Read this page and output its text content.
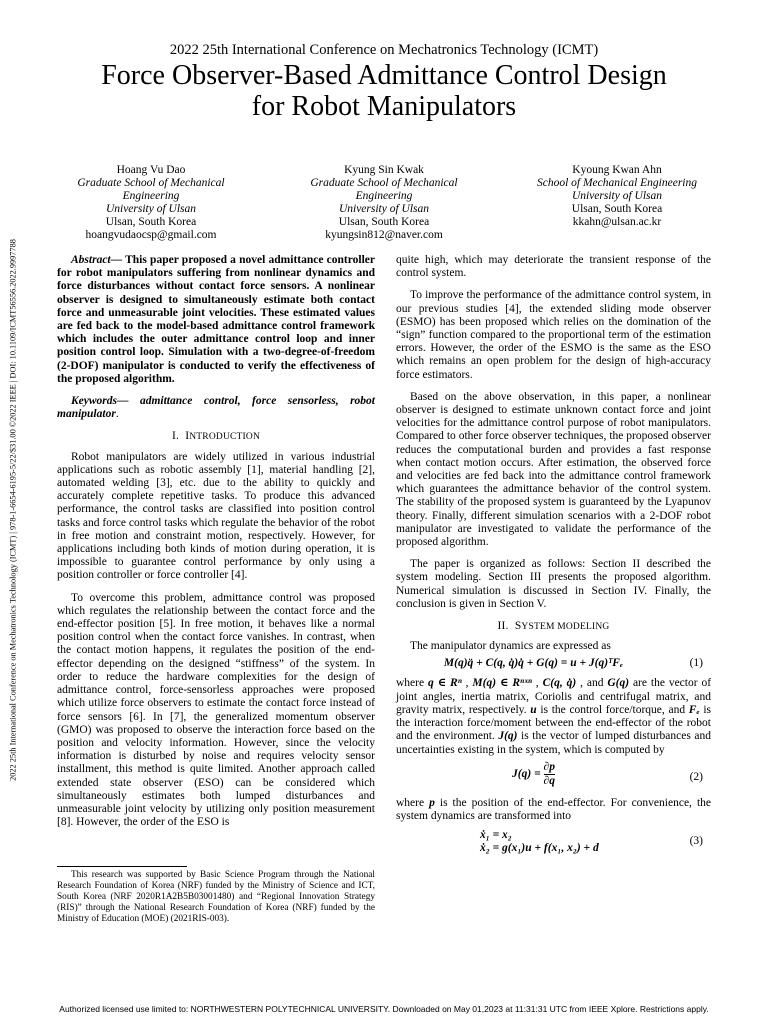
2022 25th International Conference on Mechatronics Technology (ICMT)
Force Observer-Based Admittance Control Design
for Robot Manipulators
Hoang Vu Dao
Graduate School of Mechanical
Engineering
University of Ulsan
Ulsan, South Korea
hoangvudaocsp@gmail.com
Kyung Sin Kwak
Graduate School of Mechanical
Engineering
University of Ulsan
Ulsan, South Korea
kyungsin812@naver.com
Kyoung Kwan Ahn
School of Mechanical Engineering
University of Ulsan
Ulsan, South Korea
kkahn@ulsan.ac.kr
2022 25th International Conference on Mechatronics Technology (ICMT) | 978-1-6654-6195-5/22/$31.00 ©2022 IEEE | DOI: 10.1109/ICMT56556.2022.9997788	Abstract— This paper proposed a novel admittance controller for robot manipulators suffering from nonlinear dynamics and force disturbances without contact force sensors. A nonlinear observer is designed to simultaneously estimate both contact force and unmeasurable joint velocities. These estimated values are fed back to the model-based admittance control framework which includes the outer admittance control loop and inner position control loop. Simulation with a two-degree-of-freedom (2-DOF) manipulator is conducted to verify the effectiveness of the proposed algorithm.

Keywords— admittance control, force sensorless, robot manipulator.

I. INTRODUCTION

Robot manipulators are widely utilized in various industrial applications such as robotic assembly [1], material handling [2], automated welding [3], etc. due to the ability to quickly and accurately complete repetitive tasks. To produce this advanced performance, the control tasks are classified into position control tasks and force control tasks which regulate the behavior of the robot in free motion and constraint motion, respectively. However, for applications including both kinds of motion during operation, it is impossible to guarantee control performance by only using a position controller or force controller [4].

To overcome this problem, admittance control was proposed which regulates the relationship between the contact force and the end-effector position [5]. In free motion, it behaves like a normal position control when the contact force vanishes. In contrast, when the contact motion happens, it regulates the position of the end-effector depending on the designed “stiffness” of the system. In order to reduce the hardware complexities for the design of admittance control, force-sensorless approaches were proposed which utilize force observers to estimate the contact force instead of force sensors [6]. In [7], the generalized momentum observer (GMO) was proposed to observe the interaction force based on the position and velocity information. However, since the velocity information is disturbed by noise and requires velocity sensor installment, this method is quite limited. Another approach called extended state observer (ESO) can be considered which simultaneously estimates both lumped disturbances and unmeasurable joint velocity by utilizing only position measurement [8]. However, the order of the ESO is

This research was supported by Basic Science Program through the National Research Foundation of Korea (NRF) funded by the Ministry of Science and ICT, South Korea (NRF 2020R1A2B5B03001480) and “Regional Innovation Strategy (RIS)” through the National Research Foundation of Korea (NRF) funded by the Ministry of Education (MOE) (2021RIS-003).

quite high, which may deteriorate the transient response of the control system.

To improve the performance of the admittance control system, in our previous studies [4], the extended sliding mode observer (ESMO) has been proposed which relies on the domination of the “sign” function compared to the proportional term of the estimation errors. However, the order of the ESMO is the same as the ESO which remains an open problem for the design of high-accuracy force estimators.

Based on the above observation, in this paper, a nonlinear observer is designed to estimate unknown contact force and joint velocities for the admittance control purpose of robot manipulators. Compared to other force observer techniques, the proposed observer reduces the computational burden and provides a fast response when contact motion occurs. After estimation, the observed force and velocities are fed back into the admittance control framework which guarantees the admittance behavior of the control system. The stability of the proposed system is guaranteed by the Lyapunov theory. Finally, different simulation scenarios with a 2-DOF robot manipulator are investigated to validate the performance of the proposed algorithm.

The paper is organized as follows: Section II described the system modeling. Section III presents the proposed algorithm. Numerical simulation is discussed in Section IV. Finally, the conclusion is given in Section V.

II. SYSTEM MODELING

The manipulator dynamics are expressed as

M(q)q̈ + C(q, q̇)q̇ + G(q) = u + J(q)ᵀFₑ	(1)

where q ∈ Rⁿ , M(q) ∈ Rⁿˣⁿ , C(q, q̇) , and G(q) are the vector of joint angles, inertia matrix, Coriolis and centrifugal matrix, and gravity matrix, respectively. u is the control force/torque, and Fₑ is the interaction force/moment between the end-effector of the robot and the environment. J(q) is the vector of lumped disturbances and uncertainties existing in the system, which is computed by

$J(q) = \frac{\partial p}{\partial q}$	(2)

where p is the position of the end-effector. For convenience, the system dynamics are transformed into

ẋ₁ = x₂
ẋ₂ = g(x₁)u + f(x₁, x₂) + d
(3)
Authorized licensed use limited to: NORTHWESTERN POLYTECHNICAL UNIVERSITY. Downloaded on May 01,2023 at 11:31:31 UTC from IEEE Xplore. Restrictions apply.
